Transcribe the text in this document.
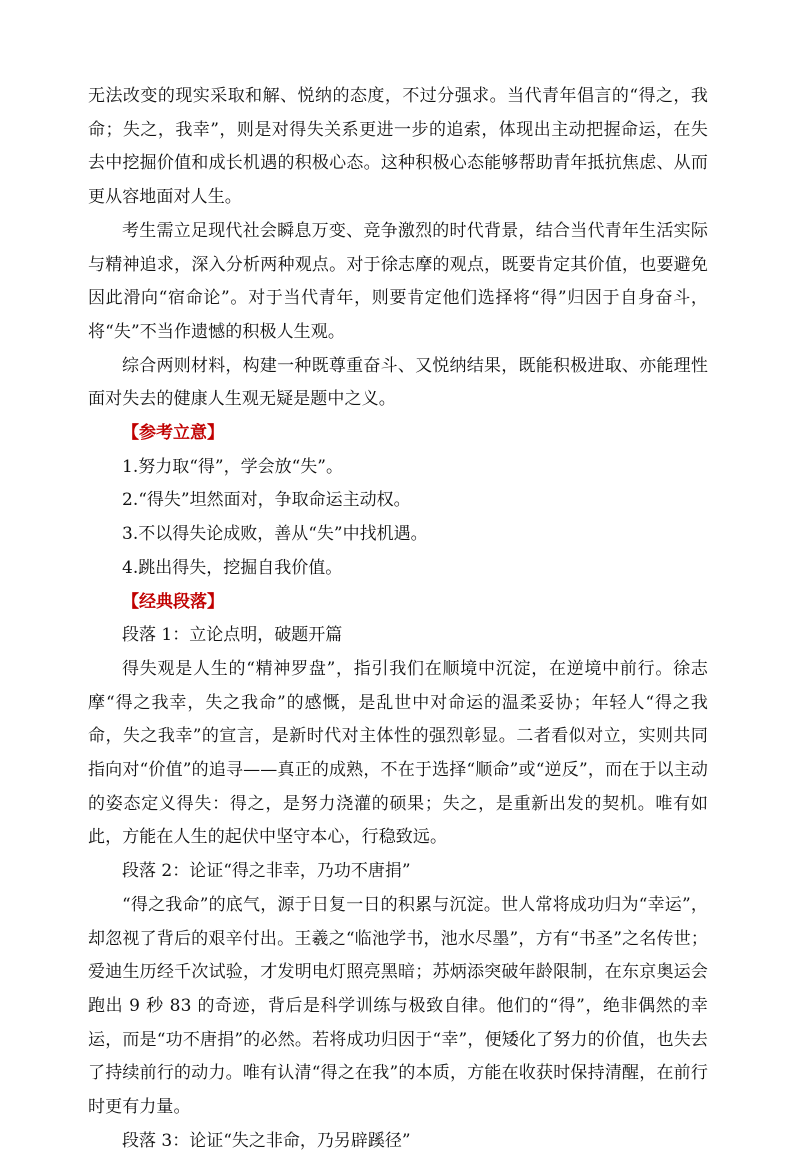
无法改变的现实采取和解、悦纳的态度，不过分强求。当代青年倡言的“得之，我命；失之，我幸”，则是对得失关系更进一步的追索，体现出主动把握命运，在失去中挖掘价值和成长机遇的积极心态。这种积极心态能够帮助青年抵抗焦虑、从而更从容地面对人生。

考生需立足现代社会瞬息万变、竞争激烈的时代背景，结合当代青年生活实际与精神追求，深入分析两种观点。对于徐志摩的观点，既要肯定其价值，也要避免因此滑向“宿命论”。对于当代青年，则要肯定他们选择将“得”归因于自身奋斗，将“失”不当作遗憾的积极人生观。

综合两则材料，构建一种既尊重奋斗、又悦纳结果，既能积极进取、亦能理性面对失去的健康人生观无疑是题中之义。

【参考立意】

1.努力取“得”，学会放“失”。

2.“得失”坦然面对，争取命运主动权。

3.不以得失论成败，善从“失”中找机遇。

4.跳出得失，挖掘自我价值。

【经典段落】

段落 1：立论点明，破题开篇

得失观是人生的“精神罗盘”，指引我们在顺境中沉淀，在逆境中前行。徐志摩“得之我幸，失之我命”的感慨，是乱世中对命运的温柔妥协；年轻人“得之我命，失之我幸”的宣言，是新时代对主体性的强烈彰显。二者看似对立，实则共同指向对“价值”的追寻——真正的成熟，不在于选择“顺命”或“逆反”，而在于以主动的姿态定义得失：得之，是努力浇灌的硕果；失之，是重新出发的契机。唯有如此，方能在人生的起伏中坚守本心，行稳致远。

段落 2：论证“得之非幸，乃功不唐捐”

“得之我命”的底气，源于日复一日的积累与沉淀。世人常将成功归为“幸运”，却忽视了背后的艰辛付出。王羲之“临池学书，池水尽墨”，方有“书圣”之名传世；爱迪生历经千次试验，才发明电灯照亮黑暗；苏炳添突破年龄限制，在东京奥运会跑出 9 秒 83 的奇迹，背后是科学训练与极致自律。他们的“得”，绝非偶然的幸运，而是“功不唐捐”的必然。若将成功归因于“幸”，便矮化了努力的价值，也失去了持续前行的动力。唯有认清“得之在我”的本质，方能在收获时保持清醒，在前行时更有力量。

段落 3：论证“失之非命，乃另辟蹊径”
